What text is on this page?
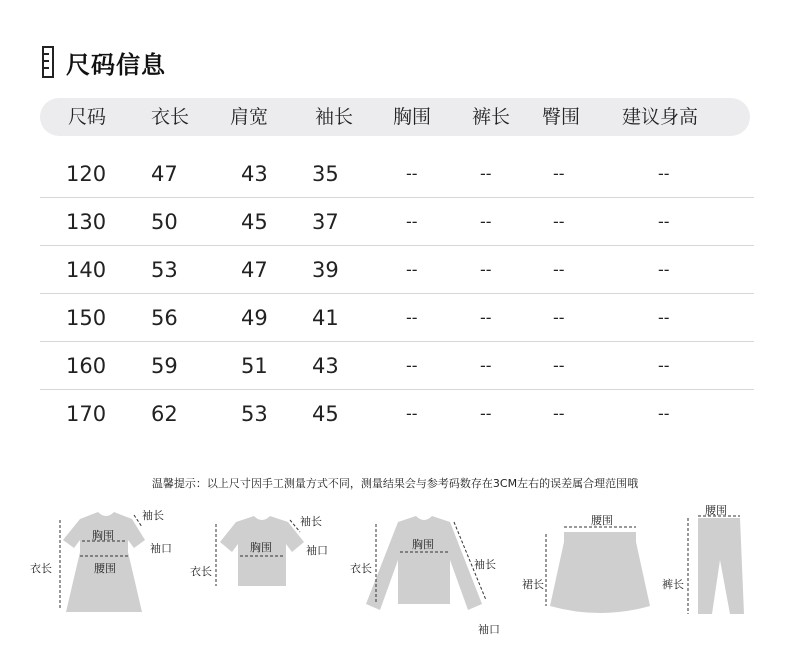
尺码信息
尺码 衣长 肩宽 袖长 胸围 裤长 臀围 建议身高
120 47	43 35	--	--	--	--
130 50	45 37	--	--	--	--
140 53	47 39	--	--	--	--
150 56	49 41	--	--	--	--
160 59	51 43	--	--	--	--
170 62	53 45	--	--	--	--
温馨提示：以上尺寸因手工测量方式不同，测量结果会与参考码数存在3CM左右的误差属合理范围哦
袖长
胸围
袖口
衣长	腰围
袖长
胸围	袖口
衣长
胸围
衣长	袖长
袖口
腰围
裙长
腰围
裤长
